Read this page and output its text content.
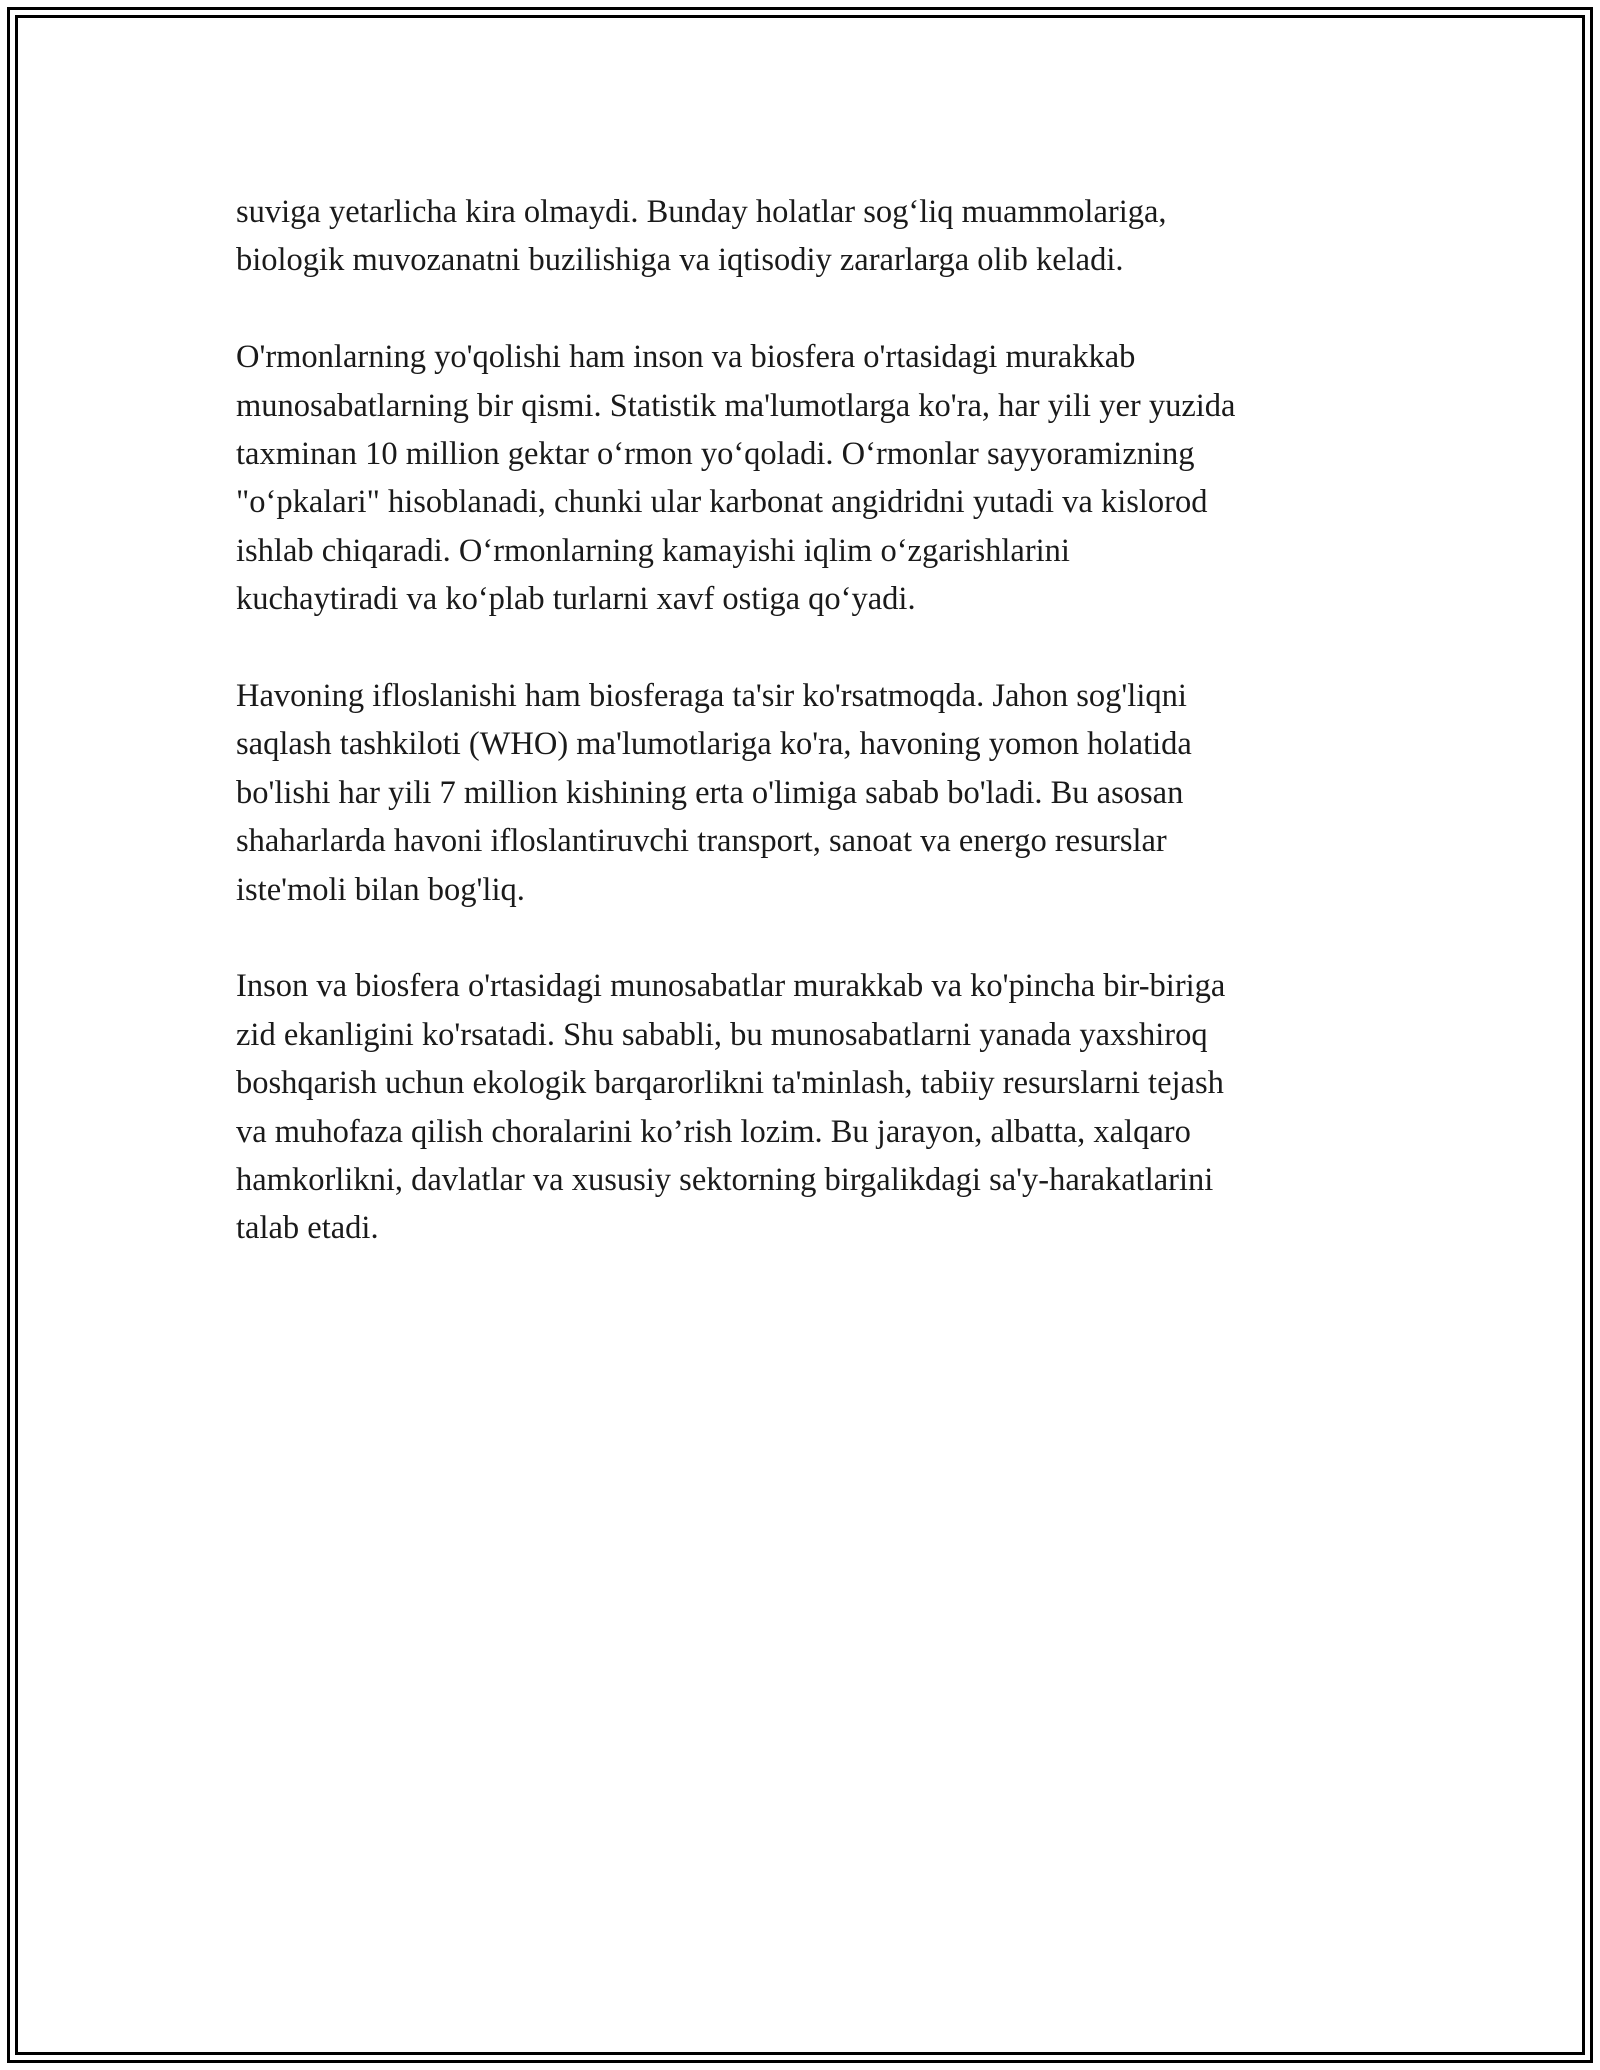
suviga yetarlicha kira olmaydi. Bunday holatlar sog‘liq muammolariga,
biologik muvozanatni buzilishiga va iqtisodiy zararlarga olib keladi.

O'rmonlarning yo'qolishi ham inson va biosfera o'rtasidagi murakkab
munosabatlarning bir qismi. Statistik ma'lumotlarga ko'ra, har yili yer yuzida
taxminan 10 million gektar o‘rmon yo‘qoladi. O‘rmonlar sayyoramizning
"o‘pkalari" hisoblanadi, chunki ular karbonat angidridni yutadi va kislorod
ishlab chiqaradi. O‘rmonlarning kamayishi iqlim o‘zgarishlarini
kuchaytiradi va ko‘plab turlarni xavf ostiga qo‘yadi.

Havoning ifloslanishi ham biosferaga ta'sir ko'rsatmoqda. Jahon sog'liqni
saqlash tashkiloti (WHO) ma'lumotlariga ko'ra, havoning yomon holatida
bo'lishi har yili 7 million kishining erta o'limiga sabab bo'ladi. Bu asosan
shaharlarda havoni ifloslantiruvchi transport, sanoat va energo resurslar
iste'moli bilan bog'liq.

Inson va biosfera o'rtasidagi munosabatlar murakkab va ko'pincha bir-biriga
zid ekanligini ko'rsatadi. Shu sababli, bu munosabatlarni yanada yaxshiroq
boshqarish uchun ekologik barqarorlikni ta'minlash, tabiiy resurslarni tejash
va muhofaza qilish choralarini ko’rish lozim. Bu jarayon, albatta, xalqaro
hamkorlikni, davlatlar va xususiy sektorning birgalikdagi sa'y-harakatlarini
talab etadi.
